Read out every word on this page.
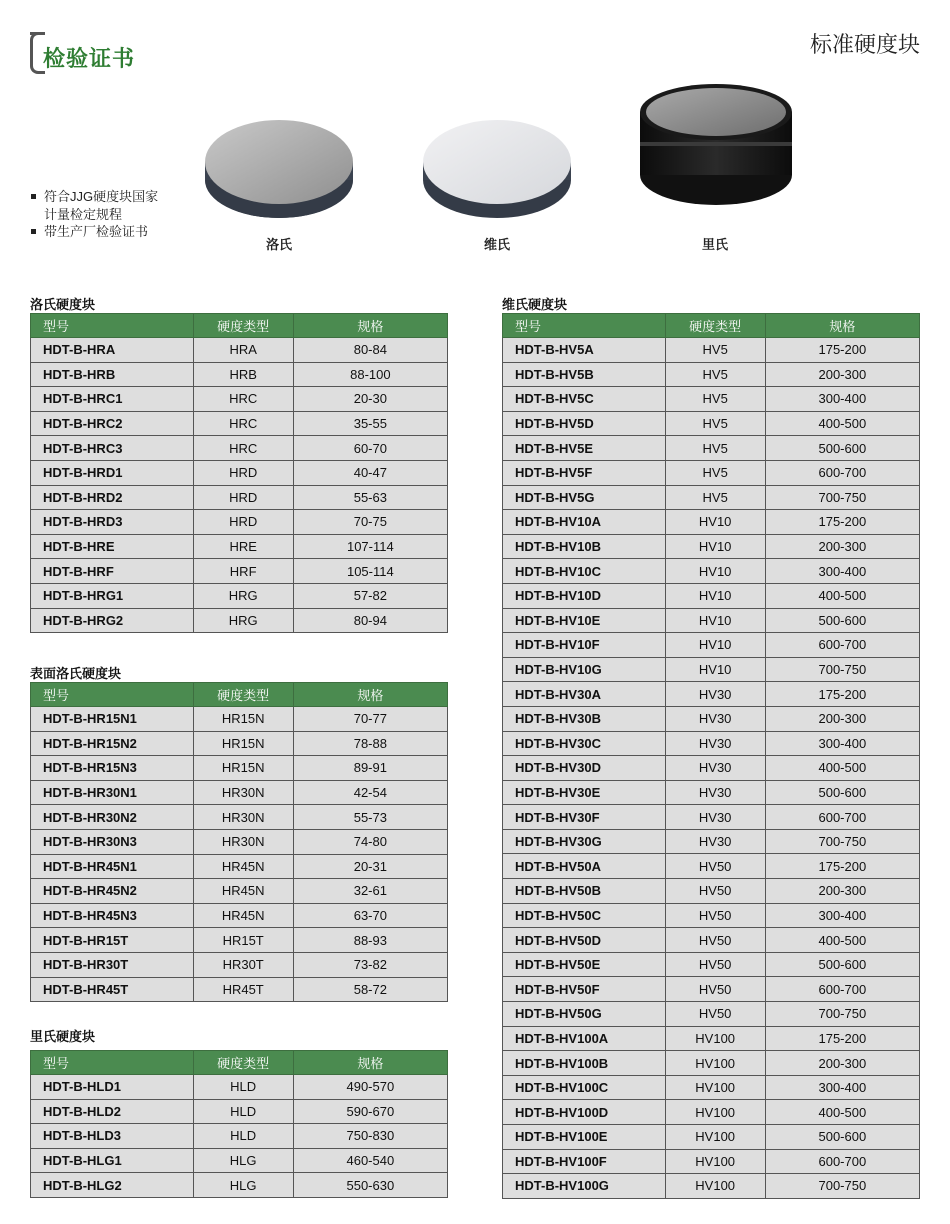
检验证书
标准硬度块
符合JJG硬度块国家
计量检定规程
带生产厂检验证书
洛氏	维氏	里氏
洛氏硬度块
表面洛氏硬度块
里氏硬度块
维氏硬度块
型号	硬度类型	规格
HDT-B-HRA	HRA	80-84
HDT-B-HRB	HRB	88-100
HDT-B-HRC1	HRC	20-30
HDT-B-HRC2	HRC	35-55
HDT-B-HRC3	HRC	60-70
HDT-B-HRD1	HRD	40-47
HDT-B-HRD2	HRD	55-63
HDT-B-HRD3	HRD	70-75
HDT-B-HRE	HRE	107-114
HDT-B-HRF	HRF	105-114
HDT-B-HRG1	HRG	57-82
HDT-B-HRG2	HRG	80-94
型号	硬度类型	规格
HDT-B-HR15N1	HR15N	70-77
HDT-B-HR15N2	HR15N	78-88
HDT-B-HR15N3	HR15N	89-91
HDT-B-HR30N1	HR30N	42-54
HDT-B-HR30N2	HR30N	55-73
HDT-B-HR30N3	HR30N	74-80
HDT-B-HR45N1	HR45N	20-31
HDT-B-HR45N2	HR45N	32-61
HDT-B-HR45N3	HR45N	63-70
HDT-B-HR15T	HR15T	88-93
HDT-B-HR30T	HR30T	73-82
HDT-B-HR45T	HR45T	58-72
型号	硬度类型	规格
HDT-B-HLD1	HLD	490-570
HDT-B-HLD2	HLD	590-670
HDT-B-HLD3	HLD	750-830
HDT-B-HLG1	HLG	460-540
HDT-B-HLG2	HLG	550-630
型号	硬度类型	规格
HDT-B-HV5A	HV5	175-200
HDT-B-HV5B	HV5	200-300
HDT-B-HV5C	HV5	300-400
HDT-B-HV5D	HV5	400-500
HDT-B-HV5E	HV5	500-600
HDT-B-HV5F	HV5	600-700
HDT-B-HV5G	HV5	700-750
HDT-B-HV10A	HV10	175-200
HDT-B-HV10B	HV10	200-300
HDT-B-HV10C	HV10	300-400
HDT-B-HV10D	HV10	400-500
HDT-B-HV10E	HV10	500-600
HDT-B-HV10F	HV10	600-700
HDT-B-HV10G	HV10	700-750
HDT-B-HV30A	HV30	175-200
HDT-B-HV30B	HV30	200-300
HDT-B-HV30C	HV30	300-400
HDT-B-HV30D	HV30	400-500
HDT-B-HV30E	HV30	500-600
HDT-B-HV30F	HV30	600-700
HDT-B-HV30G	HV30	700-750
HDT-B-HV50A	HV50	175-200
HDT-B-HV50B	HV50	200-300
HDT-B-HV50C	HV50	300-400
HDT-B-HV50D	HV50	400-500
HDT-B-HV50E	HV50	500-600
HDT-B-HV50F	HV50	600-700
HDT-B-HV50G	HV50	700-750
HDT-B-HV100A	HV100	175-200
HDT-B-HV100B	HV100	200-300
HDT-B-HV100C	HV100	300-400
HDT-B-HV100D	HV100	400-500
HDT-B-HV100E	HV100	500-600
HDT-B-HV100F	HV100	600-700
HDT-B-HV100G	HV100	700-750
